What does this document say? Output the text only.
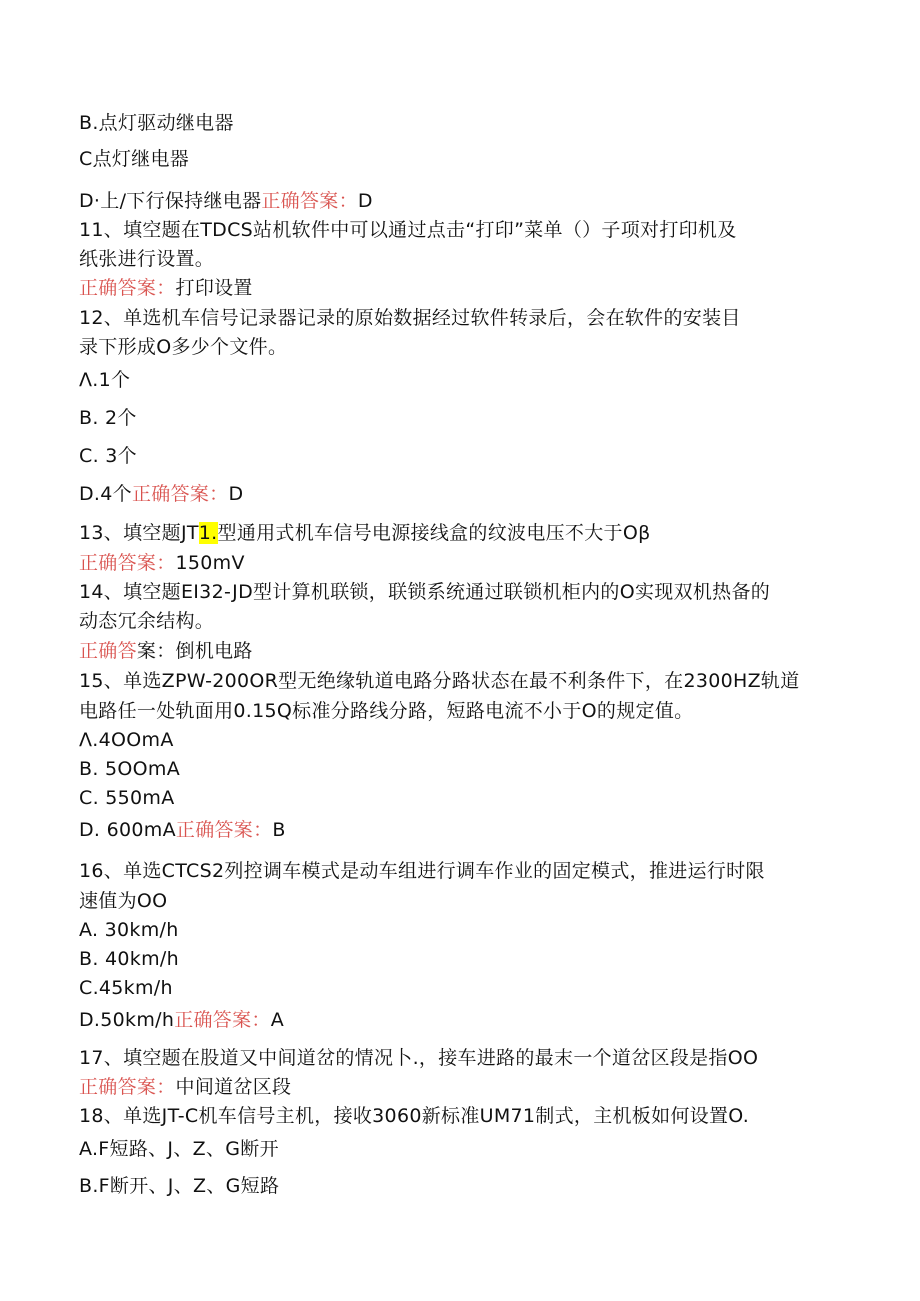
B.点灯驱动继电器
C点灯继电器
D·上/下行保持继电器正确答案：D
11、填空题在TDCS站机软件中可以通过点击“打印”菜单（）子项对打印机及
纸张进行设置。
正确答案：打印设置
12、单选机车信号记录器记录的原始数据经过软件转录后，会在软件的安装目
录下形成O多少个文件。
Λ.1个
B. 2个
C. 3个
D.4个正确答案：D
13、填空题JT1.型通用式机车信号电源接线盒的纹波电压不大于Oβ
正确答案：150mV
14、填空题EI32-JD型计算机联锁，联锁系统通过联锁机柜内的O实现双机热备的
动态冗余结构。
正确答案：倒机电路
15、单选ZPW-200OR型无绝缘轨道电路分路状态在最不利条件下，在2300HZ轨道
电路任一处轨面用0.15Q标准分路线分路，短路电流不小于O的规定值。
Λ.4OOmA
B. 5OOmA
C. 550mA
D. 600mA正确答案：B
16、单选CTCS2列控调车模式是动车组进行调车作业的固定模式，推进运行时限
速值为OO
A. 30km∕h
B. 40km∕h
C.45km∕h
D.50km∕h正确答案：A
17、填空题在股道又中间道岔的情况卜.，接车进路的最末一个道岔区段是指OO
正确答案：中间道岔区段
18、单选JT-C机车信号主机，接收3060新标准UM71制式，主机板如何设置O.
A.F短路、J、Z、G断开
B.F断开、J、Z、G短路
